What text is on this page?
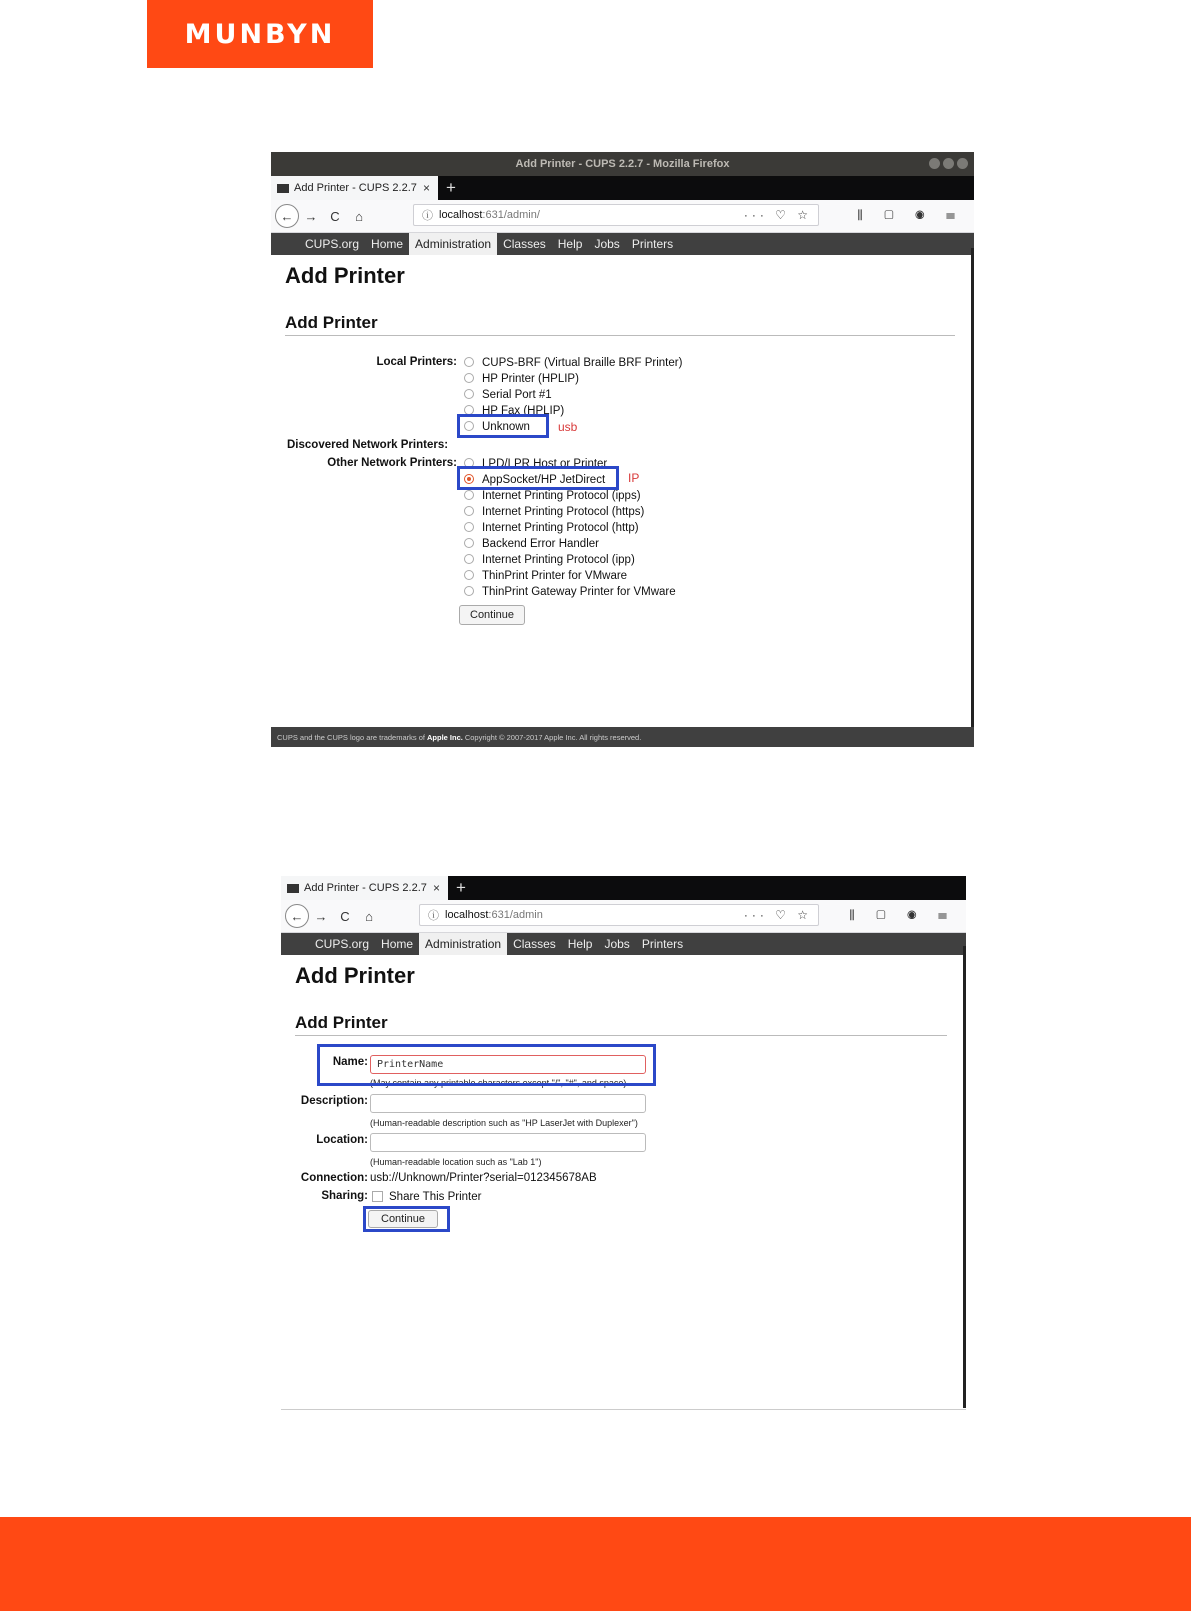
MUNBYN
Add Printer - CUPS 2.2.7 - Mozilla Firefox
Add Printer - CUPS 2.2.7 × +
← → C	⌂	ⓘ localhost :631/admin/	··· ♡ ☆	⫼ ▢ ◉ ☰
CUPS.org	Home	Administration	Classes	Help	Jobs	Printers
Add Printer
Add Printer
Local Printers:	CUPS-BRF (Virtual Braille BRF Printer)
HP Printer (HPLIP)
Serial Port #1
HP Fax (HPLIP)
Unknown usb
Discovered Network Printers:
Other Network Printers:	LPD/LPR Host or Printer
AppSocket/HP JetDirect IP
Internet Printing Protocol (ipps)
Internet Printing Protocol (https)
Internet Printing Protocol (http)
Backend Error Handler
Internet Printing Protocol (ipp)
ThinPrint Printer for VMware
ThinPrint Gateway Printer for VMware
Continue
CUPS and the CUPS logo are trademarks of Apple Inc. Copyright © 2007-2017 Apple Inc. All rights reserved.
Add Printer - CUPS 2.2.7 × +
← → C	⌂	ⓘ localhost :631/admin	··· ♡ ☆	⫼ ▢ ◉ ☰
CUPS.org	Home	Administration	Classes	Help	Jobs	Printers
Add Printer
Add Printer
Name: PrinterName
(May contain any printable characters except "/", "#", and space)
Description:
(Human-readable description such as "HP LaserJet with Duplexer")
Location:
(Human-readable location such as "Lab 1")
Connection: usb://Unknown/Printer?serial=012345678AB
Sharing:	Share This Printer
Continue
